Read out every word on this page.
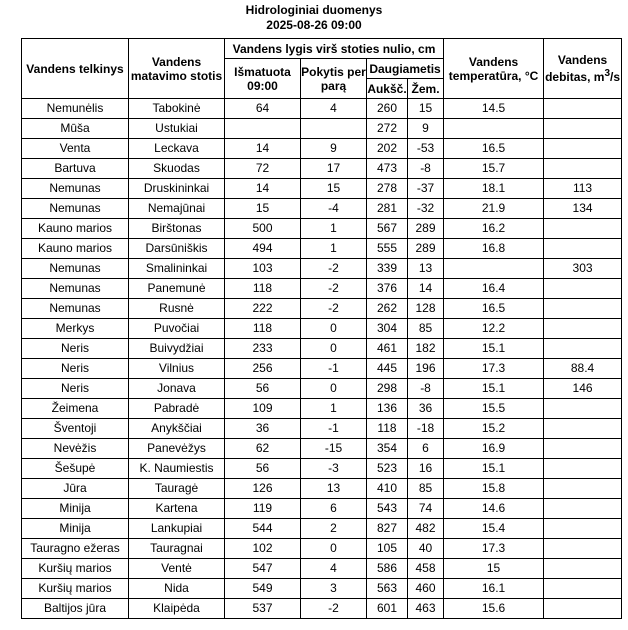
Hidrologiniai duomenys
2025-08-26 09:00
Vandens telkinys	Vandens matavimo stotis	Vandens lygis virš stoties nulio, cm				Vandens temperatūra, °C	Vandens debitas, $m^3/s$
		Išmatuota 09:00	Pokytis per parą	Daugiametis			
				Aukšč.	Žem.		
Nemunėlis	Tabokinė	64	4	260	15	14.5	
Mūša	Ustukiai			272	9		
Venta	Leckava	14	9	202	-53	16.5	
Bartuva	Skuodas	72	17	473	-8	15.7	
Nemunas	Druskininkai	14	15	278	-37	18.1	113
Nemunas	Nemajūnai	15	-4	281	-32	21.9	134
Kauno marios	Birštonas	500	1	567	289	16.2	
Kauno marios	Darsūniškis	494	1	555	289	16.8	
Nemunas	Smalininkai	103	-2	339	13		303
Nemunas	Panemunė	118	-2	376	14	16.4	
Nemunas	Rusnė	222	-2	262	128	16.5	
Merkys	Puvočiai	118	0	304	85	12.2	
Neris	Buivydžiai	233	0	461	182	15.1	
Neris	Vilnius	256	-1	445	196	17.3	88.4
Neris	Jonava	56	0	298	-8	15.1	146
Žeimena	Pabradė	109	1	136	36	15.5	
Šventoji	Anykščiai	36	-1	118	-18	15.2	
Nevėžis	Panevėžys	62	-15	354	6	16.9	
Šešupė	K. Naumiestis	56	-3	523	16	15.1	
Jūra	Tauragė	126	13	410	85	15.8	
Minija	Kartena	119	6	543	74	14.6	
Minija	Lankupiai	544	2	827	482	15.4	
Tauragno ežeras	Tauragnai	102	0	105	40	17.3	
Kuršių marios	Ventė	547	4	586	458	15	
Kuršių marios	Nida	549	3	563	460	16.1	
Baltijos jūra	Klaipėda	537	-2	601	463	15.6	
